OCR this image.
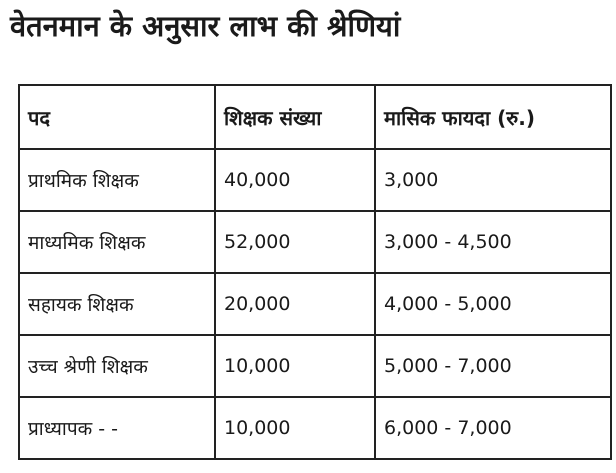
वेतनमान के अनुसार लाभ की श्रेणियां
पद	शिक्षक संख्या	मासिक फायदा (रु.)
प्राथमिक शिक्षक	40,000	3,000
माध्यमिक शिक्षक	52,000	3,000 - 4,500
सहायक शिक्षक	20,000	4,000 - 5,000
उच्च श्रेणी शिक्षक	10,000	5,000 - 7,000
प्राध्यापक - -	10,000	6,000 - 7,000
